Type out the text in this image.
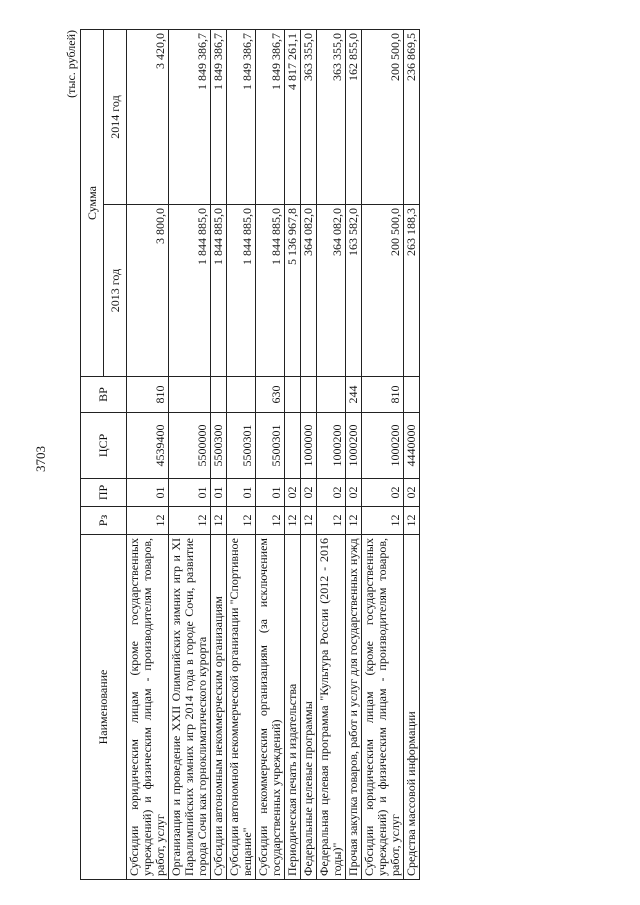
3703
(тыс. рублей)
Наименование	Рз	ПР	ЦСР	ВР	Сумма	
					2013 год	2014 год
Субсидии юридическим лицам (кроме государственных учреждений) и физическим лицам - производителям товаров, работ, услуг	12	01	4539400	810	3 800,0	3 420,0
Организация и проведение XXII Олимпийских зимних игр и XI Паралимпийских зимних игр 2014 года в городе Сочи, развитие города Сочи как горноклиматического курорта	12	01	5500000		1 844 885,0	1 849 386,7
Субсидии автономным некоммерческим организациям	12	01	5500300		1 844 885,0	1 849 386,7
Субсидии автономной некоммерческой организации "Спортивное вещание"	12	01	5500301		1 844 885,0	1 849 386,7
Субсидии некоммерческим организациям (за исключением государственных учреждений)	12	01	5500301	630	1 844 885,0	1 849 386,7
Периодическая печать и издательства	12	02			5 136 967,8	4 817 261,1
Федеральные целевые программы	12	02	1000000		364 082,0	363 355,0
Федеральная целевая программа "Культура России (2012 - 2016 годы)"	12	02	1000200		364 082,0	363 355,0
Прочая закупка товаров, работ и услуг для государственных нужд	12	02	1000200	244	163 582,0	162 855,0
Субсидии юридическим лицам (кроме государственных учреждений) и физическим лицам - производителям товаров, работ, услуг	12	02	1000200	810	200 500,0	200 500,0
Средства массовой информации	12	02	4440000		263 188,3	236 869,5
